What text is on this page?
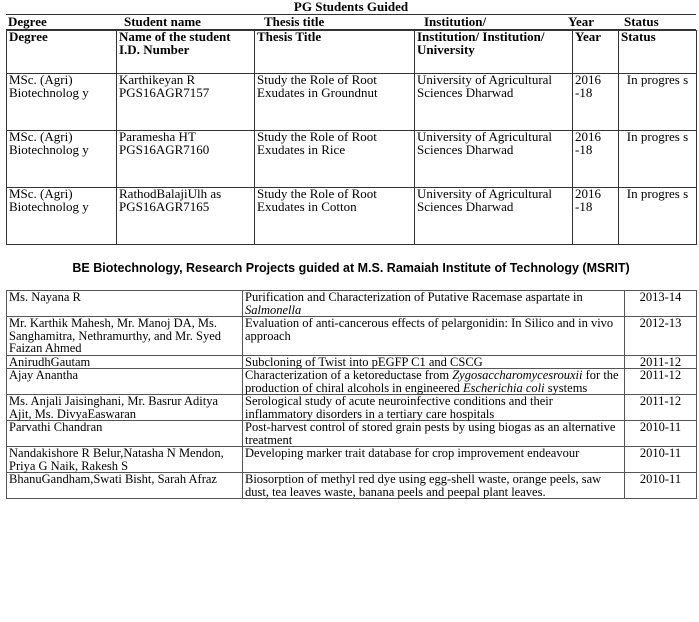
PG Students Guided
Degree	Student name	Thesis title	Institution/	Year Status
Degree	Name of the student I.D. Number	Thesis Title	Institution/ Institution/ University	Year	Status
MSc. (Agri) Biotechnolog y	Karthikeyan R PGS16AGR7157	Study the Role of Root Exudates in Groundnut	University of Agricultural Sciences Dharwad	2016 -18	In progres s
MSc. (Agri) Biotechnolog y	Paramesha HT PGS16AGR7160	Study the Role of Root Exudates in Rice	University of Agricultural Sciences Dharwad	2016 -18	In progres s
MSc. (Agri) Biotechnolog y	RathodBalajiUlh as PGS16AGR7165	Study the Role of Root Exudates in Cotton	University of Agricultural Sciences Dharwad	2016 -18	In progres s
BE Biotechnology, Research Projects guided at M.S. Ramaiah Institute of Technology (MSRIT)
Ms. Nayana R	Purification and Characterization of Putative Racemase aspartate in Salmonella	2013-14
Mr. Karthik Mahesh, Mr. Manoj DA, Ms. Sanghamitra, Nethramurthy, and Mr. Syed Faizan Ahmed	Evaluation of anti-cancerous effects of pelargonidin: In Silico and in vivo approach	2012-13
AnirudhGautam	Subcloning of Twist into pEGFP C1 and CSCG	2011-12
Ajay Anantha	Characterization of a ketoreductase from Zygosaccharomycesrouxii for the production of chiral alcohols in engineered Escherichia coli systems	2011-12
Ms. Anjali Jaisinghani, Mr. Basrur Aditya Ajit, Ms. DivyaEaswaran	Serological study of acute neuroinfective conditions and their inflammatory disorders in a tertiary care hospitals	2011-12
Parvathi Chandran	Post-harvest control of stored grain pests by using biogas as an alternative treatment	2010-11
Nandakishore R Belur,Natasha N Mendon, Priya G Naik, Rakesh S	Developing marker trait database for crop improvement endeavour	2010-11
BhanuGandham,Swati Bisht, Sarah Afraz	Biosorption of methyl red dye using egg-shell waste, orange peels, saw dust, tea leaves waste, banana peels and peepal plant leaves.	2010-11
